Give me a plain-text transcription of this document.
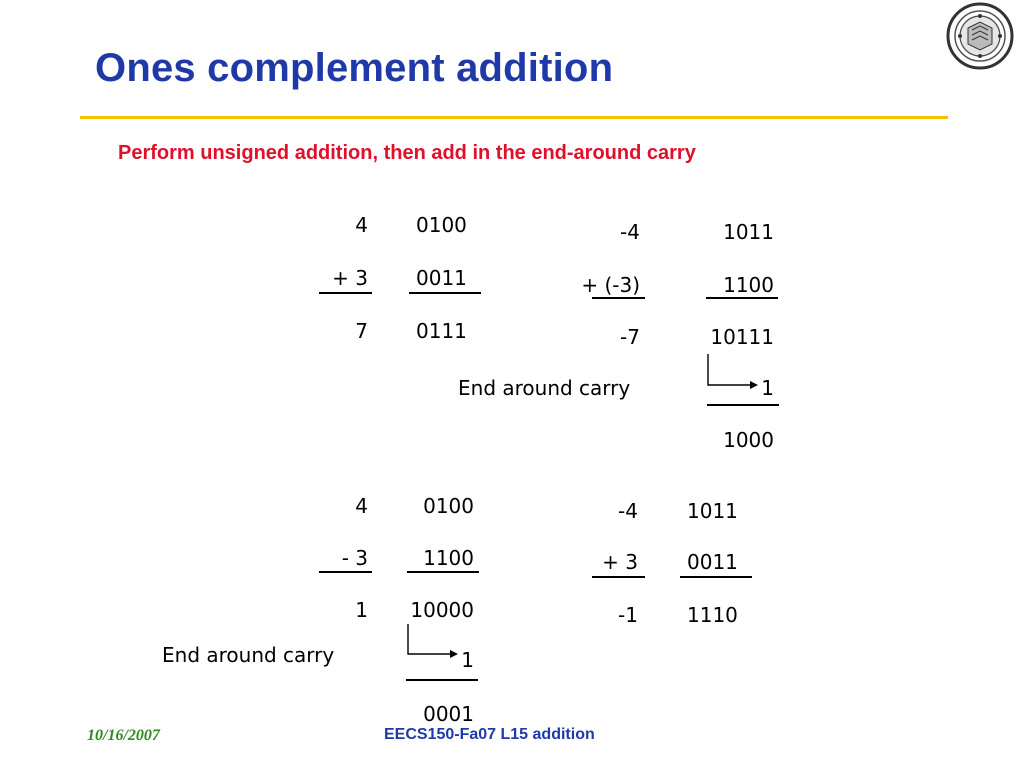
Ones complement addition
Perform unsigned addition, then add in the end-around carry
4 0100
+ 3 0011
7 0111
-4	1011
+ (-3)	1100
-7	10111
End around carry	1
1000
4	0100
- 3	1100
1	10000
End around carry	1
0001
-4 1011
+ 3 0011
-1 1110
10/16/2007	EECS150-Fa07 L15 addition
